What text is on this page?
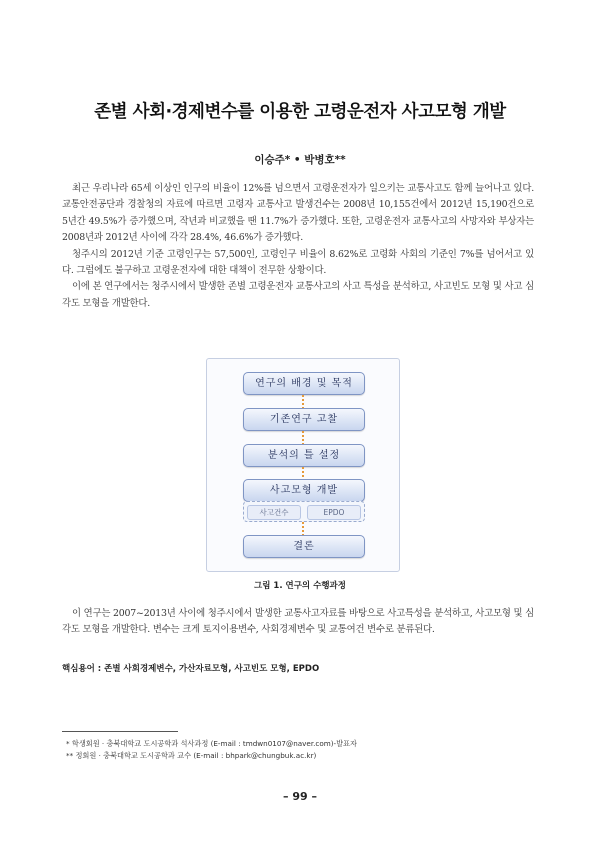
존별 사회·경제변수를 이용한 고령운전자 사고모형 개발
이승주* • 박병호**

최근 우리나라 65세 이상인 인구의 비율이 12%를 넘으면서 고령운전자가 일으키는 교통사고도 함께 늘어나고 있다. 교통안전공단과 경찰청의 자료에 따르면 고령자 교통사고 발생건수는 2008년 10,155건에서 2012년 15,190건으로 5년간 49.5%가 증가했으며, 작년과 비교했을 땐 11.7%가 증가했다. 또한, 고령운전자 교통사고의 사망자와 부상자는 2008년과 2012년 사이에 각각 28.4%, 46.6%가 증가했다.

청주시의 2012년 기준 고령인구는 57,500인, 고령인구 비율이 8.62%로 고령화 사회의 기준인 7%를 넘어서고 있다. 그럼에도 불구하고 고령운전자에 대한 대책이 전무한 상황이다.

이에 본 연구에서는 청주시에서 발생한 존별 고령운전자 교통사고의 사고 특성을 분석하고, 사고빈도 모형 및 사고 심각도 모형을 개발한다.

연구의 배경 및 목적
기존연구 고찰
분석의 틀 설정
사고모형 개발
사고건수	EPDO
결론
그림 1. 연구의 수행과정

이 연구는 2007~2013년 사이에 청주시에서 발생한 교통사고자료를 바탕으로 사고특성을 분석하고, 사고모형 및 심각도 모형을 개발한다. 변수는 크게 토지이용변수, 사회경제변수 및 교통여건 변수로 분류된다.

핵심용어 : 존별 사회경제변수, 가산자료모형, 사고빈도 모형, EPDO
* 학생회원 · 충북대학교 도시공학과 석사과정 (E-mail : tmdwn0107@naver.com)-발표자
** 정회원 · 충북대학교 도시공학과 교수 (E-mail : bhpark@chungbuk.ac.kr)
– 99 –
